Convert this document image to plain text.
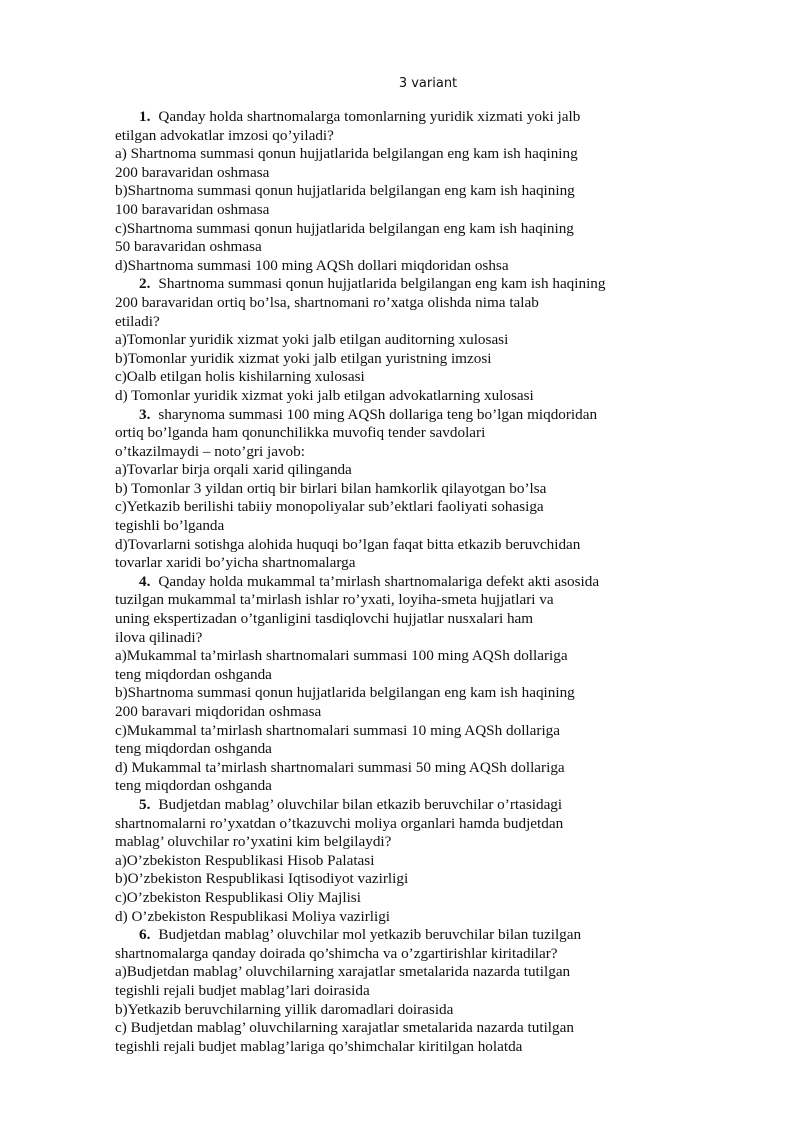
3 variant
1. Qanday holda shartnomalarga tomonlarning yuridik xizmati yoki jalb
etilgan advokatlar imzosi qo’yiladi?
a) Shartnoma summasi qonun hujjatlarida belgilangan eng kam ish haqining
200 baravaridan oshmasa
b)Shartnoma summasi qonun hujjatlarida belgilangan eng kam ish haqining
100 baravaridan oshmasa
c)Shartnoma summasi qonun hujjatlarida belgilangan eng kam ish haqining
50 baravaridan oshmasa
d)Shartnoma summasi 100 ming AQSh dollari miqdoridan oshsa
2. Shartnoma summasi qonun hujjatlarida belgilangan eng kam ish haqining
200 baravaridan ortiq bo’lsa, shartnomani ro’xatga olishda nima talab
etiladi?
a)Tomonlar yuridik xizmat yoki jalb etilgan auditorning xulosasi
b)Tomonlar yuridik xizmat yoki jalb etilgan yuristning imzosi
c)Oalb etilgan holis kishilarning xulosasi
d) Tomonlar yuridik xizmat yoki jalb etilgan advokatlarning xulosasi
3. sharynoma summasi 100 ming AQSh dollariga teng bo’lgan miqdoridan
ortiq bo’lganda ham qonunchilikka muvofiq tender savdolari
o’tkazilmaydi – noto’gri javob:
a)Tovarlar birja orqali xarid qilinganda
b) Tomonlar 3 yildan ortiq bir birlari bilan hamkorlik qilayotgan bo’lsa
c)Yetkazib berilishi tabiiy monopoliyalar sub’ektlari faoliyati sohasiga
tegishli bo’lganda
d)Tovarlarni sotishga alohida huquqi bo’lgan faqat bitta etkazib beruvchidan
tovarlar xaridi bo’yicha shartnomalarga
4. Qanday holda mukammal ta’mirlash shartnomalariga defekt akti asosida
tuzilgan mukammal ta’mirlash ishlar ro’yxati, loyiha-smeta hujjatlari va
uning ekspertizadan o’tganligini tasdiqlovchi hujjatlar nusxalari ham
ilova qilinadi?
a)Mukammal ta’mirlash shartnomalari summasi 100 ming AQSh dollariga
teng miqdordan oshganda
b)Shartnoma summasi qonun hujjatlarida belgilangan eng kam ish haqining
200 baravari miqdoridan oshmasa
c)Mukammal ta’mirlash shartnomalari summasi 10 ming AQSh dollariga
teng miqdordan oshganda
d) Mukammal ta’mirlash shartnomalari summasi 50 ming AQSh dollariga
teng miqdordan oshganda
5. Budjetdan mablag’ oluvchilar bilan etkazib beruvchilar o’rtasidagi
shartnomalarni ro’yxatdan o’tkazuvchi moliya organlari hamda budjetdan
mablag’ oluvchilar ro’yxatini kim belgilaydi?
a)O’zbekiston Respublikasi Hisob Palatasi
b)O’zbekiston Respublikasi Iqtisodiyot vazirligi
c)O’zbekiston Respublikasi Oliy Majlisi
d) O’zbekiston Respublikasi Moliya vazirligi
6. Budjetdan mablag’ oluvchilar mol yetkazib beruvchilar bilan tuzilgan
shartnomalarga qanday doirada qo’shimcha va o’zgartirishlar kiritadilar?
a)Budjetdan mablag’ oluvchilarning xarajatlar smetalarida nazarda tutilgan
tegishli rejali budjet mablag’lari doirasida
b)Yetkazib beruvchilarning yillik daromadlari doirasida
c) Budjetdan mablag’ oluvchilarning xarajatlar smetalarida nazarda tutilgan
tegishli rejali budjet mablag’lariga qo’shimchalar kiritilgan holatda
